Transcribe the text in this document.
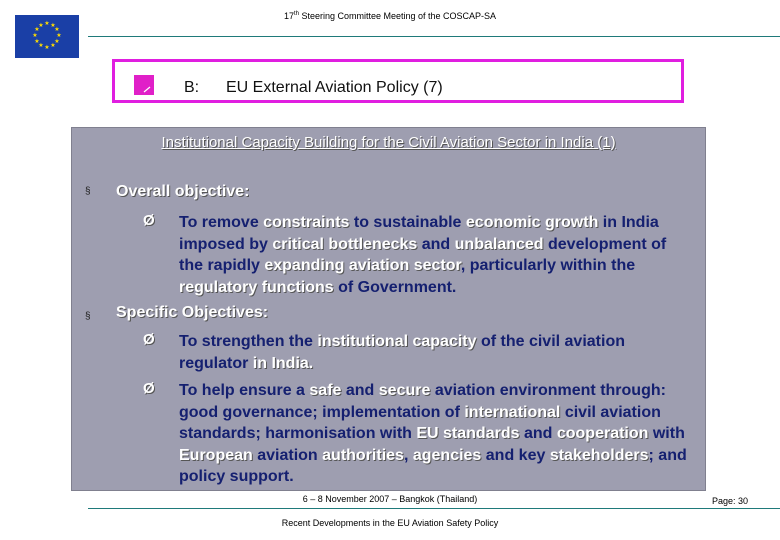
★ ★
★
★
★
★
★
★
★
★
★
★
17th Steering Committee Meeting of the COSCAP-SA
B: EU External Aviation Policy (7)
Institutional Capacity Building for the Civil Aviation Sector in India (1)
§ Overall objective:
Ø To remove constraints to sustainable economic growth in India imposed by critical bottlenecks and unbalanced development of the rapidly expanding aviation sector, particularly within the regulatory functions of Government.
§ Specific Objectives:
Ø To strengthen the institutional capacity of the civil aviation regulator in India.
Ø To help ensure a safe and secure aviation environment through: good governance; implementation of international civil aviation standards; harmonisation with EU standards and cooperation with European aviation authorities, agencies and key stakeholders; and policy support.
6 – 8 November 2007 – Bangkok (Thailand)
Recent Developments in the EU Aviation Safety Policy
Page: 30
